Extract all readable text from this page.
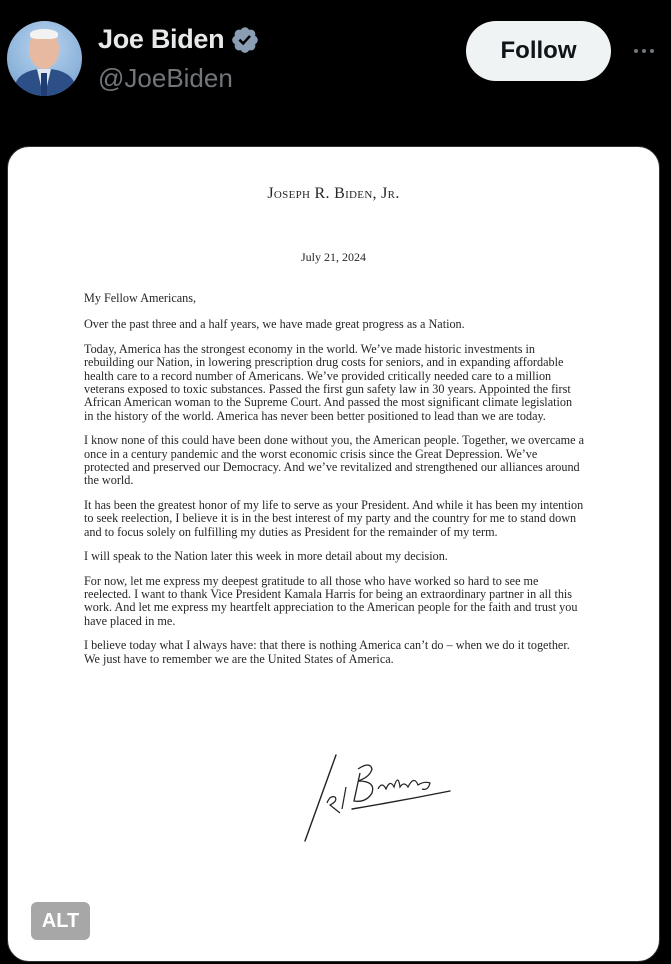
Joe Biden
@JoeBiden
Follow
Joseph R. Biden, Jr.
July 21, 2024

My Fellow Americans,

Over the past three and a half years, we have made great progress as a Nation.

Today, America has the strongest economy in the world. We’ve made historic investments in rebuilding our Nation, in lowering prescription drug costs for seniors, and in expanding affordable health care to a record number of Americans. We’ve provided critically needed care to a million veterans exposed to toxic substances. Passed the first gun safety law in 30 years. Appointed the first African American woman to the Supreme Court. And passed the most significant climate legislation in the history of the world. America has never been better positioned to lead than we are today.

I know none of this could have been done without you, the American people. Together, we overcame a once in a century pandemic and the worst economic crisis since the Great Depression. We’ve protected and preserved our Democracy. And we’ve revitalized and strengthened our alliances around the world.

It has been the greatest honor of my life to serve as your President. And while it has been my intention to seek reelection, I believe it is in the best interest of my party and the country for me to stand down and to focus solely on fulfilling my duties as President for the remainder of my term.

I will speak to the Nation later this week in more detail about my decision.

For now, let me express my deepest gratitude to all those who have worked so hard to see me reelected. I want to thank Vice President Kamala Harris for being an extraordinary partner in all this work. And let me express my heartfelt appreciation to the American people for the faith and trust you have placed in me.

I believe today what I always have: that there is nothing America can’t do – when we do it together. We just have to remember we are the United States of America.

ALT
